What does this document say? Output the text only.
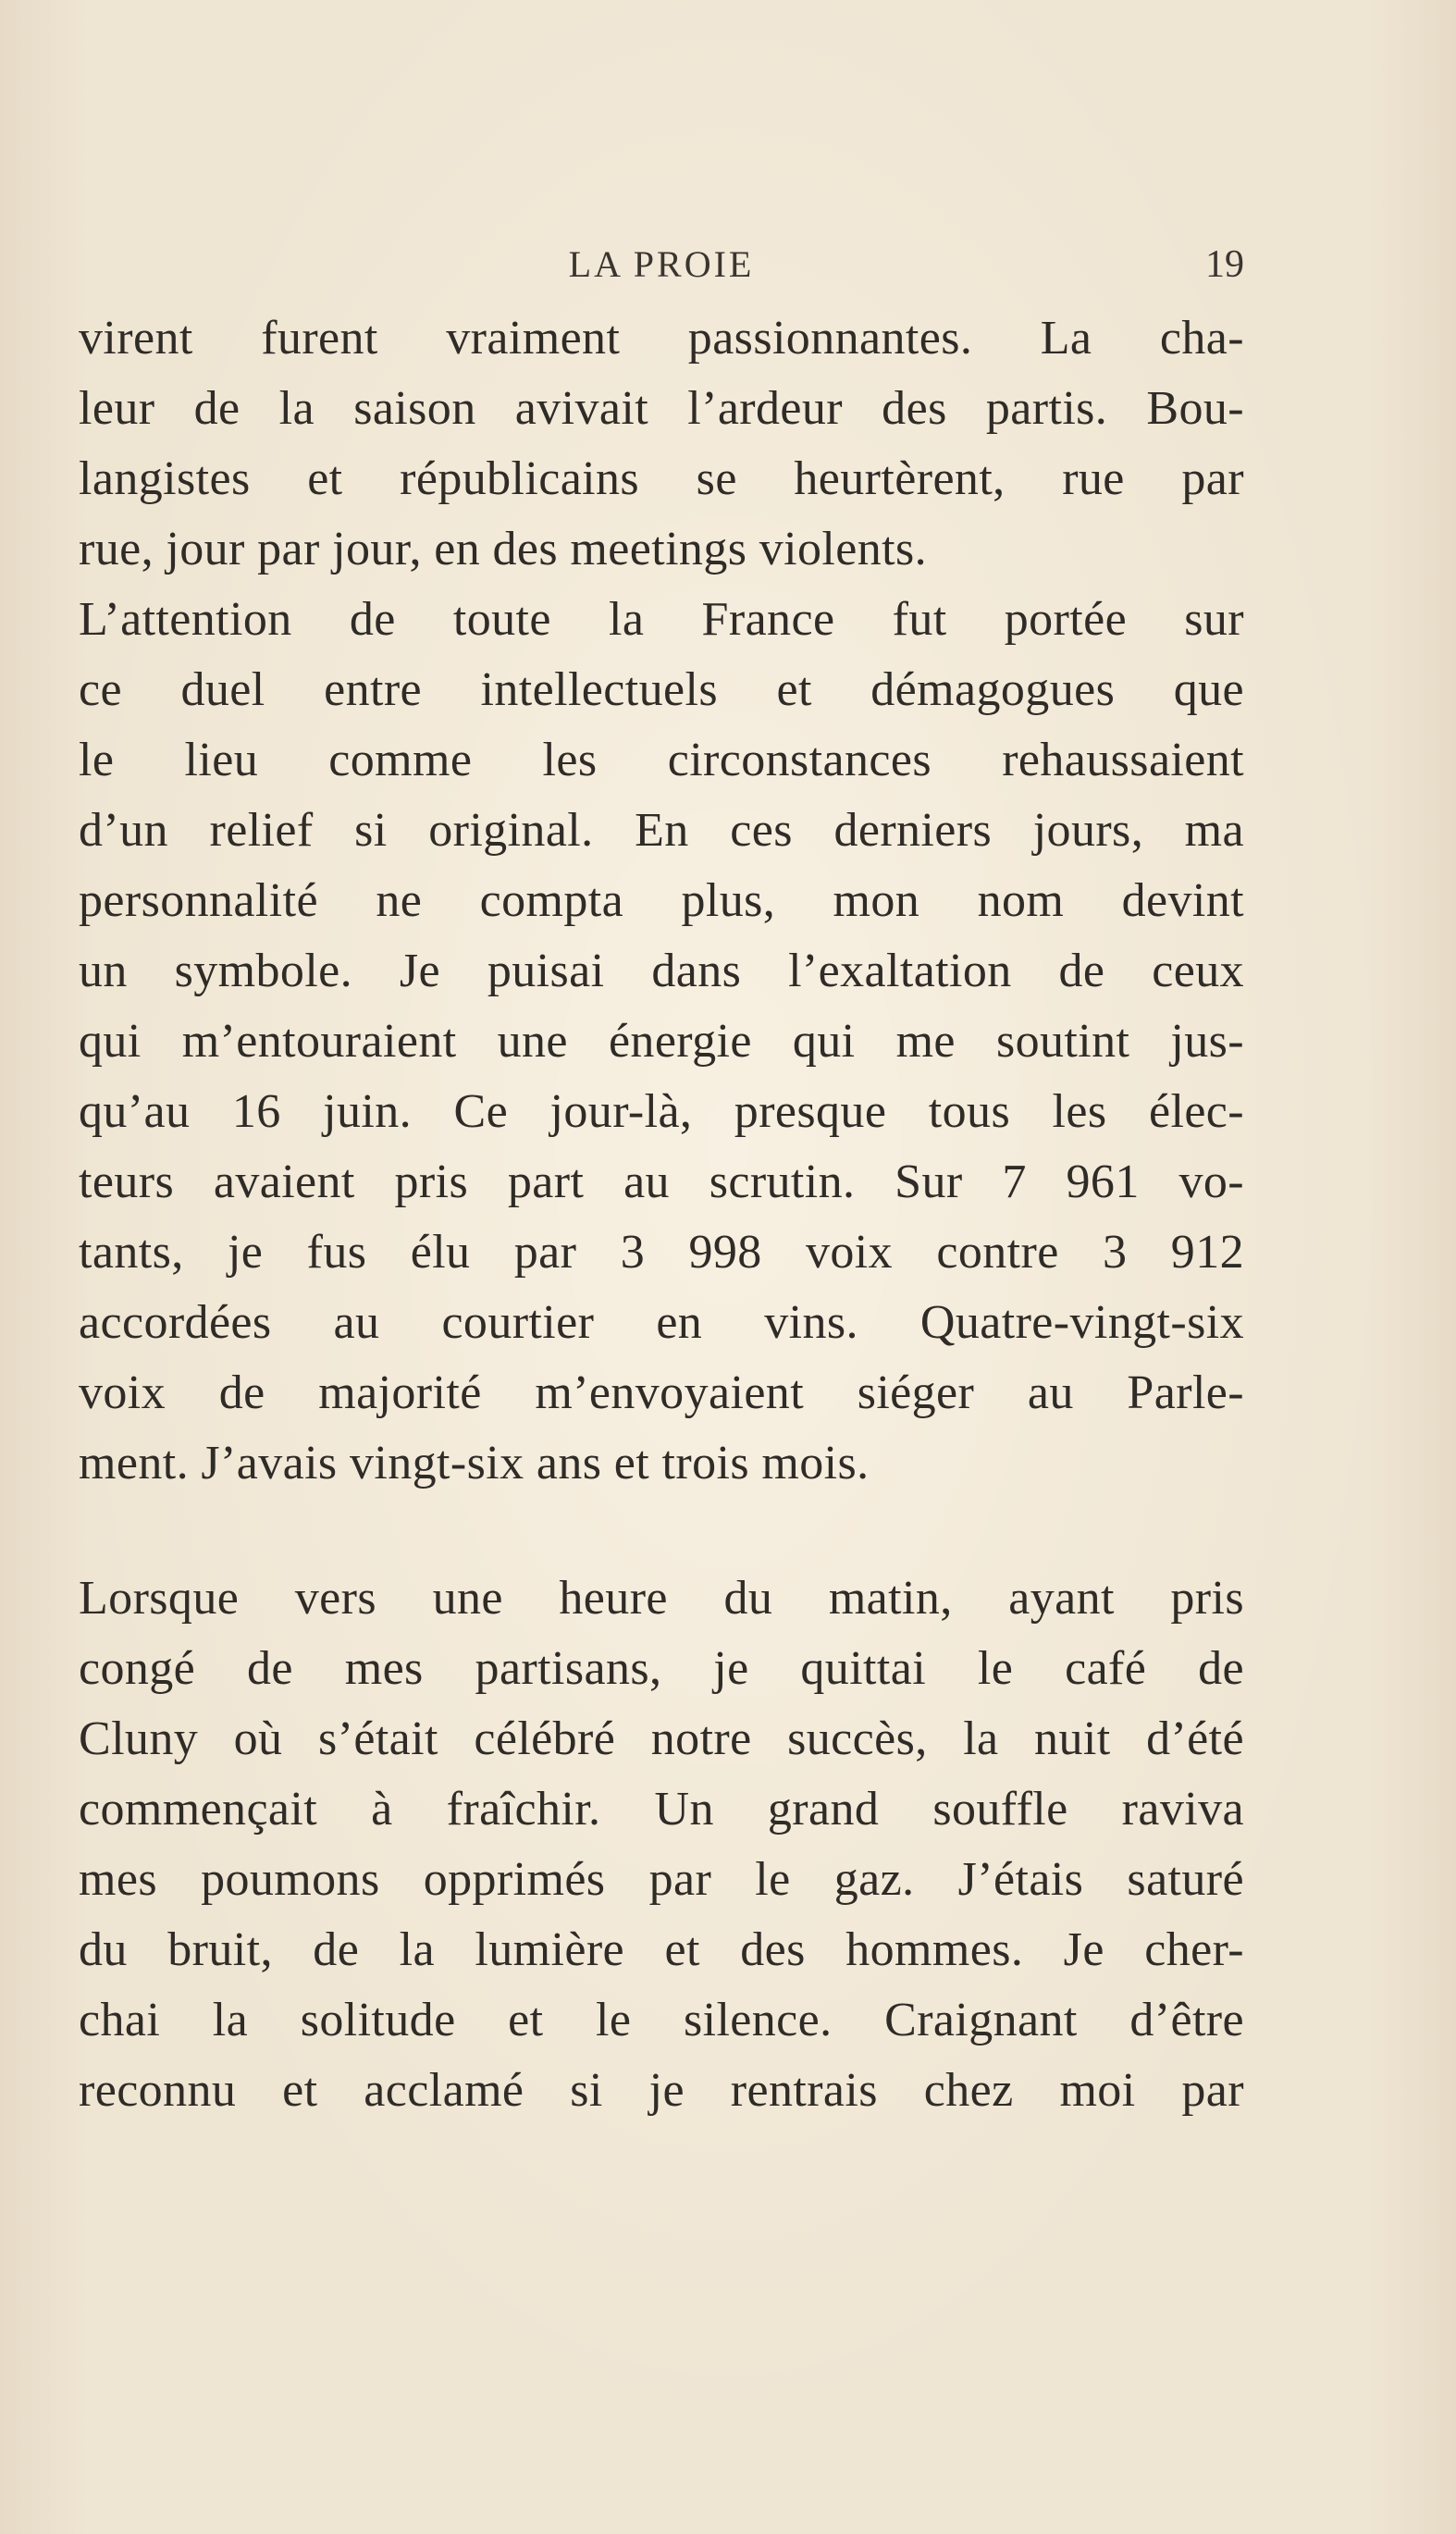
LA PROIE	19
virent furent vraiment passionnantes. La cha-
leur de la saison avivait l’ardeur des partis. Bou-
langistes et républicains se heurtèrent, rue par
rue, jour par jour, en des meetings violents.
L’attention de toute la France fut portée sur
ce duel entre intellectuels et démagogues que
le lieu comme les circonstances rehaussaient
d’un relief si original. En ces derniers jours, ma
personnalité ne compta plus, mon nom devint
un symbole. Je puisai dans l’exaltation de ceux
qui m’entouraient une énergie qui me soutint jus-
qu’au 16 juin. Ce jour-là, presque tous les élec-
teurs avaient pris part au scrutin. Sur 7 961 vo-
tants, je fus élu par 3 998 voix contre 3 912
accordées au courtier en vins. Quatre-vingt-six
voix de majorité m’envoyaient siéger au Parle-
ment. J’avais vingt-six ans et trois mois.
Lorsque vers une heure du matin, ayant pris
congé de mes partisans, je quittai le café de
Cluny où s’était célébré notre succès, la nuit d’été
commençait à fraîchir. Un grand souffle raviva
mes poumons opprimés par le gaz. J’étais saturé
du bruit, de la lumière et des hommes. Je cher-
chai la solitude et le silence. Craignant d’être
reconnu et acclamé si je rentrais chez moi par
